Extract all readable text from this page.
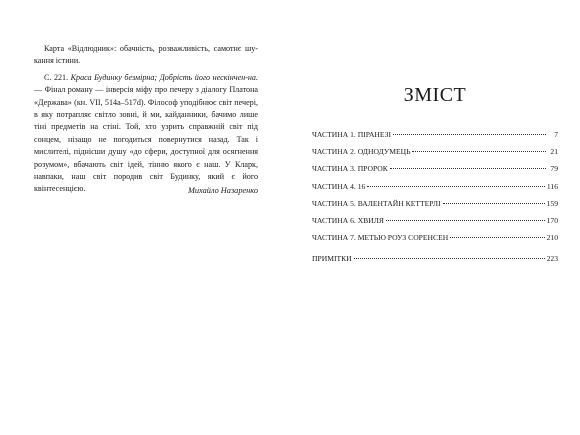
Карта «Відлюдник»: обачність, розважливість, самотнє шу-кання істини.

С. 221. Краса Будинку безмірна; Добрість його нескінчен-на. — Фінал роману — інверсія міфу про печеру з діалогу Платона «Держава» (кн. VII, 514a–517d). Філософ уподібнює світ печері, в яку потрапляє світло зовні, й ми, кайданники, бачимо лише тіні предметів на стіні. Той, хто узрить справжній світ під сонцем, нізащо не погодиться повернутися назад. Так і мислителі, піднісши душу «до сфери, доступної для осягнення розумом», вбачають світ ідей, тінню якого є наш. У Кларк, навпаки, наш світ породив світ Будинку, який є його квінтесенцією.	Михайло Назаренко
ЗМІСТ
ЧАСТИНА 1. ПІРАНЕЗІ	7
ЧАСТИНА 2. ОДНОДУМЕЦЬ	21
ЧАСТИНА 3. ПРОРОК	79
ЧАСТИНА 4. 16	116
ЧАСТИНА 5. ВАЛЕНТАЙН КЕТТЕРЛІ	159
ЧАСТИНА 6. ХВИЛЯ	170
ЧАСТИНА 7. МЕТЬЮ РОУЗ СОРЕНСЕН	210
ПРИМІТКИ	223
